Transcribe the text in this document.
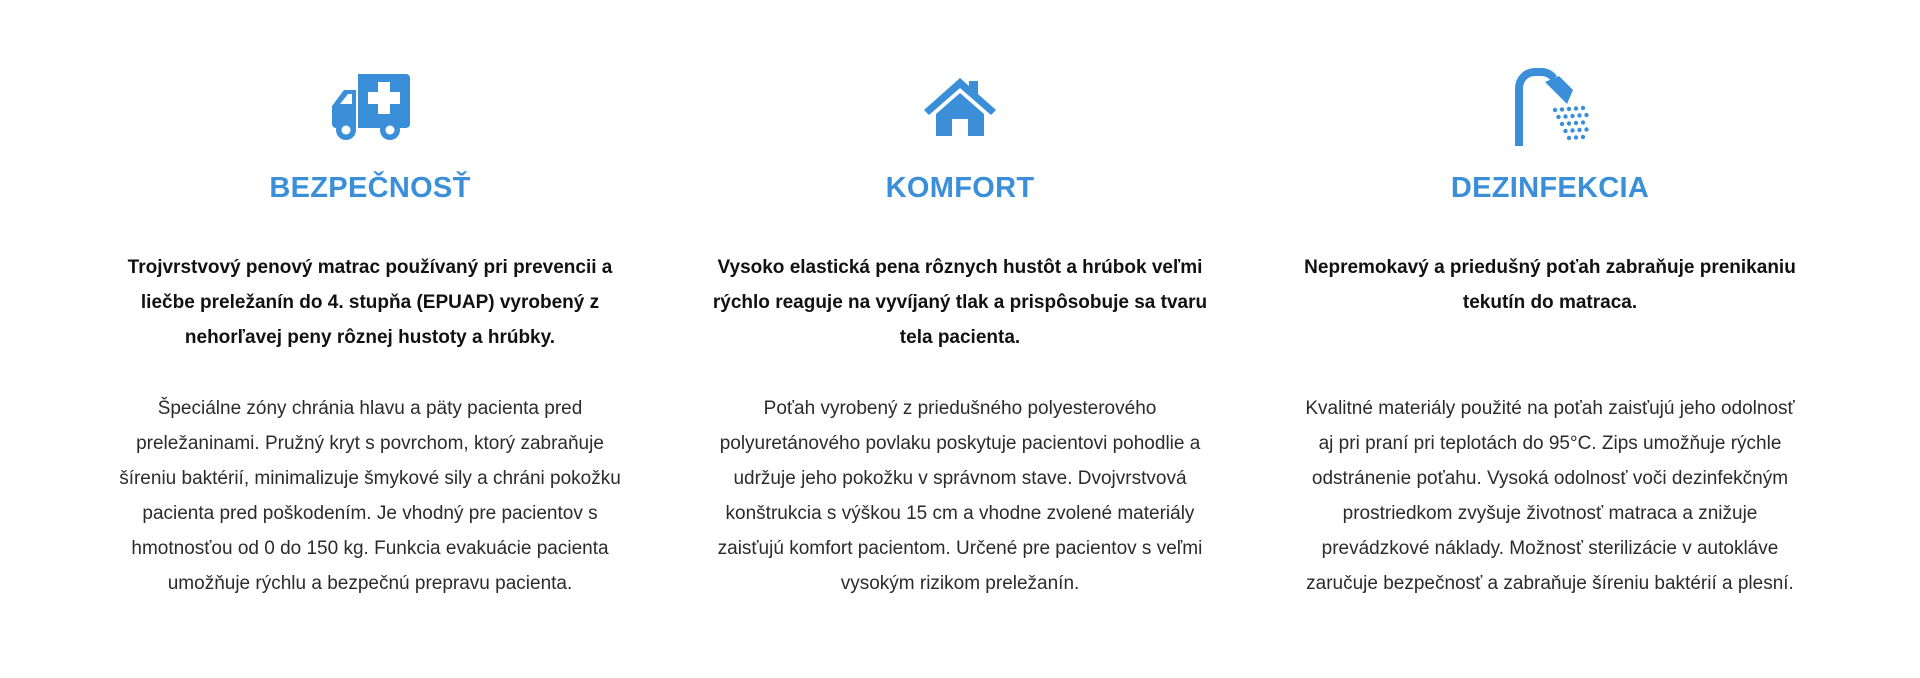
BEZPEČNOSŤ

Trojvrstvový penový matrac používaný pri prevencii a liečbe preležanín do 4. stupňa (EPUAP) vyrobený z nehorľavej peny rôznej hustoty a hrúbky.

Špeciálne zóny chránia hlavu a päty pacienta pred preležaninami. Pružný kryt s povrchom, ktorý zabraňuje šíreniu baktérií, minimalizuje šmykové sily a chráni pokožku pacienta pred poškodením. Je vhodný pre pacientov s hmotnosťou od 0 do 150 kg. Funkcia evakuácie pacienta umožňuje rýchlu a bezpečnú prepravu pacienta.

KOMFORT

Vysoko elastická pena rôznych hustôt a hrúbok veľmi rýchlo reaguje na vyvíjaný tlak a prispôsobuje sa tvaru tela pacienta.

Poťah vyrobený z priedušného polyesterového polyuretánového povlaku poskytuje pacientovi pohodlie a udržuje jeho pokožku v správnom stave. Dvojvrstvová konštrukcia s výškou 15 cm a vhodne zvolené materiály zaisťujú komfort pacientom. Určené pre pacientov s veľmi vysokým rizikom preležanín.

DEZINFEKCIA

Nepremokavý a priedušný poťah zabraňuje prenikaniu tekutín do matraca.

Kvalitné materiály použité na poťah zaisťujú jeho odolnosť aj pri praní pri teplotách do 95°C. Zips umožňuje rýchle odstránenie poťahu. Vysoká odolnosť voči dezinfekčným prostriedkom zvyšuje životnosť matraca a znižuje prevádzkové náklady. Možnosť sterilizácie v autokláve zaručuje bezpečnosť a zabraňuje šíreniu baktérií a plesní.
